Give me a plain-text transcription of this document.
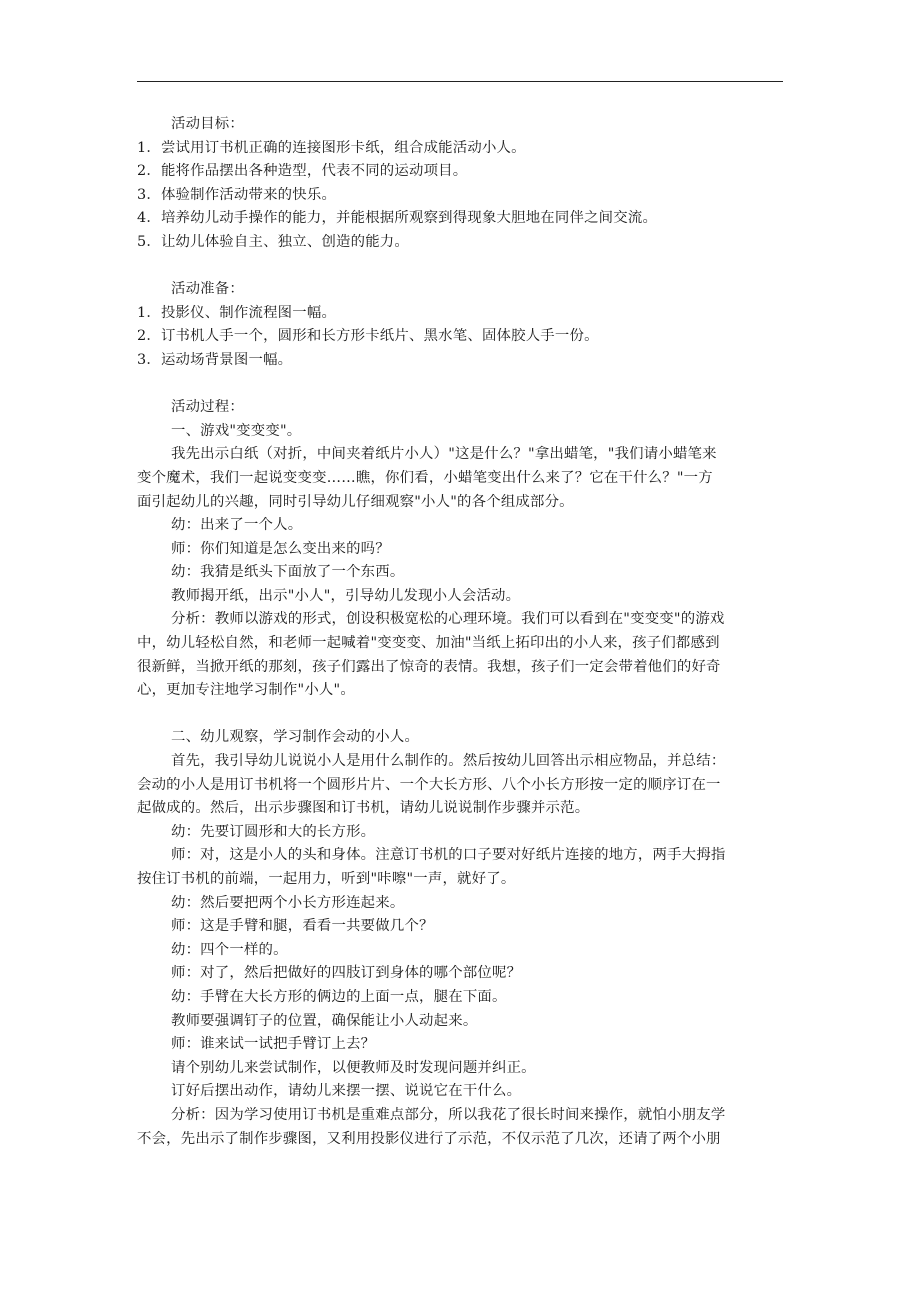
活动目标：
1．尝试用订书机正确的连接图形卡纸，组合成能活动小人。
2．能将作品摆出各种造型，代表不同的运动项目。
3．体验制作活动带来的快乐。
4．培养幼儿动手操作的能力，并能根据所观察到得现象大胆地在同伴之间交流。
5．让幼儿体验自主、独立、创造的能力。
活动准备：
1．投影仪、制作流程图一幅。
2．订书机人手一个，圆形和长方形卡纸片、黑水笔、固体胶人手一份。
3．运动场背景图一幅。
活动过程：
一、游戏"变变变"。
我先出示白纸（对折，中间夹着纸片小人）"这是什么？"拿出蜡笔，"我们请小蜡笔来
变个魔术，我们一起说变变变……瞧，你们看，小蜡笔变出什么来了？它在干什么？"一方
面引起幼儿的兴趣，同时引导幼儿仔细观察"小人"的各个组成部分。
幼：出来了一个人。
师：你们知道是怎么变出来的吗？
幼：我猜是纸头下面放了一个东西。
教师揭开纸，出示"小人"，引导幼儿发现小人会活动。
分析：教师以游戏的形式，创设积极宽松的心理环境。我们可以看到在"变变变"的游戏
中，幼儿轻松自然，和老师一起喊着"变变变、加油"当纸上拓印出的小人来，孩子们都感到
很新鲜，当掀开纸的那刻，孩子们露出了惊奇的表情。我想，孩子们一定会带着他们的好奇
心，更加专注地学习制作"小人"。
二、幼儿观察，学习制作会动的小人。
首先，我引导幼儿说说小人是用什么制作的。然后按幼儿回答出示相应物品，并总结：
会动的小人是用订书机将一个圆形片片、一个大长方形、八个小长方形按一定的顺序订在一
起做成的。然后，出示步骤图和订书机，请幼儿说说制作步骤并示范。
幼：先要订圆形和大的长方形。
师：对，这是小人的头和身体。注意订书机的口子要对好纸片连接的地方，两手大拇指
按住订书机的前端，一起用力，听到"咔嚓"一声，就好了。
幼：然后要把两个小长方形连起来。
师：这是手臂和腿，看看一共要做几个？
幼：四个一样的。
师：对了，然后把做好的四肢订到身体的哪个部位呢？
幼：手臂在大长方形的俩边的上面一点，腿在下面。
教师要强调钉子的位置，确保能让小人动起来。
师：谁来试一试把手臂订上去？
请个别幼儿来尝试制作，以便教师及时发现问题并纠正。
订好后摆出动作，请幼儿来摆一摆、说说它在干什么。
分析：因为学习使用订书机是重难点部分，所以我花了很长时间来操作，就怕小朋友学
不会，先出示了制作步骤图，又利用投影仪进行了示范，不仅示范了几次，还请了两个小朋
